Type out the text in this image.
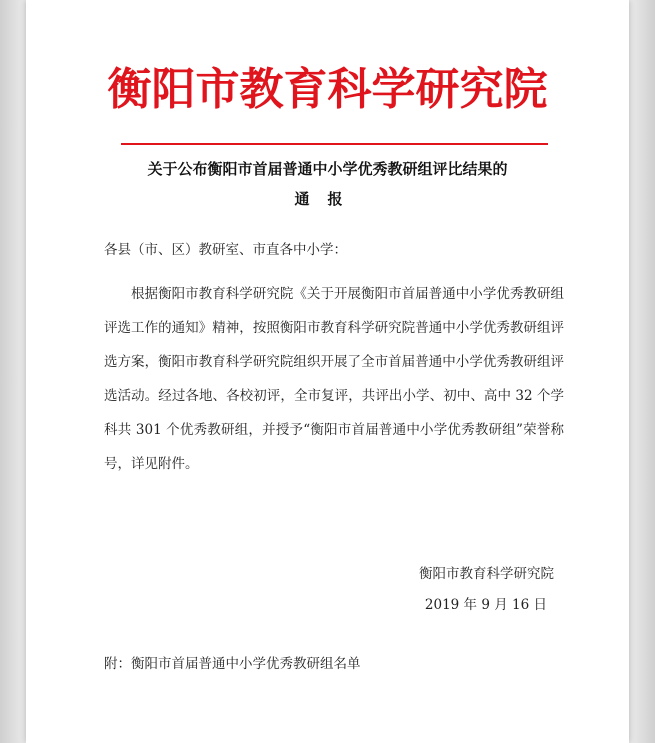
衡阳市教育科学研究院
关于公布衡阳市首届普通中小学优秀教研组评比结果的
通报
各县（市、区）教研室、市直各中小学：

根据衡阳市教育科学研究院《关于开展衡阳市首届普通中小学优秀教研组评选工作的通知》精神，按照衡阳市教育科学研究院普通中小学优秀教研组评选方案，衡阳市教育科学研究院组织开展了全市首届普通中小学优秀教研组评选活动。经过各地、各校初评，全市复评，共评出小学、初中、高中 32 个学科共 301 个优秀教研组，并授予“衡阳市首届普通中小学优秀教研组”荣誉称号，详见附件。

衡阳市教育科学研究院
2019 年 9 月 16 日
附：衡阳市首届普通中小学优秀教研组名单
